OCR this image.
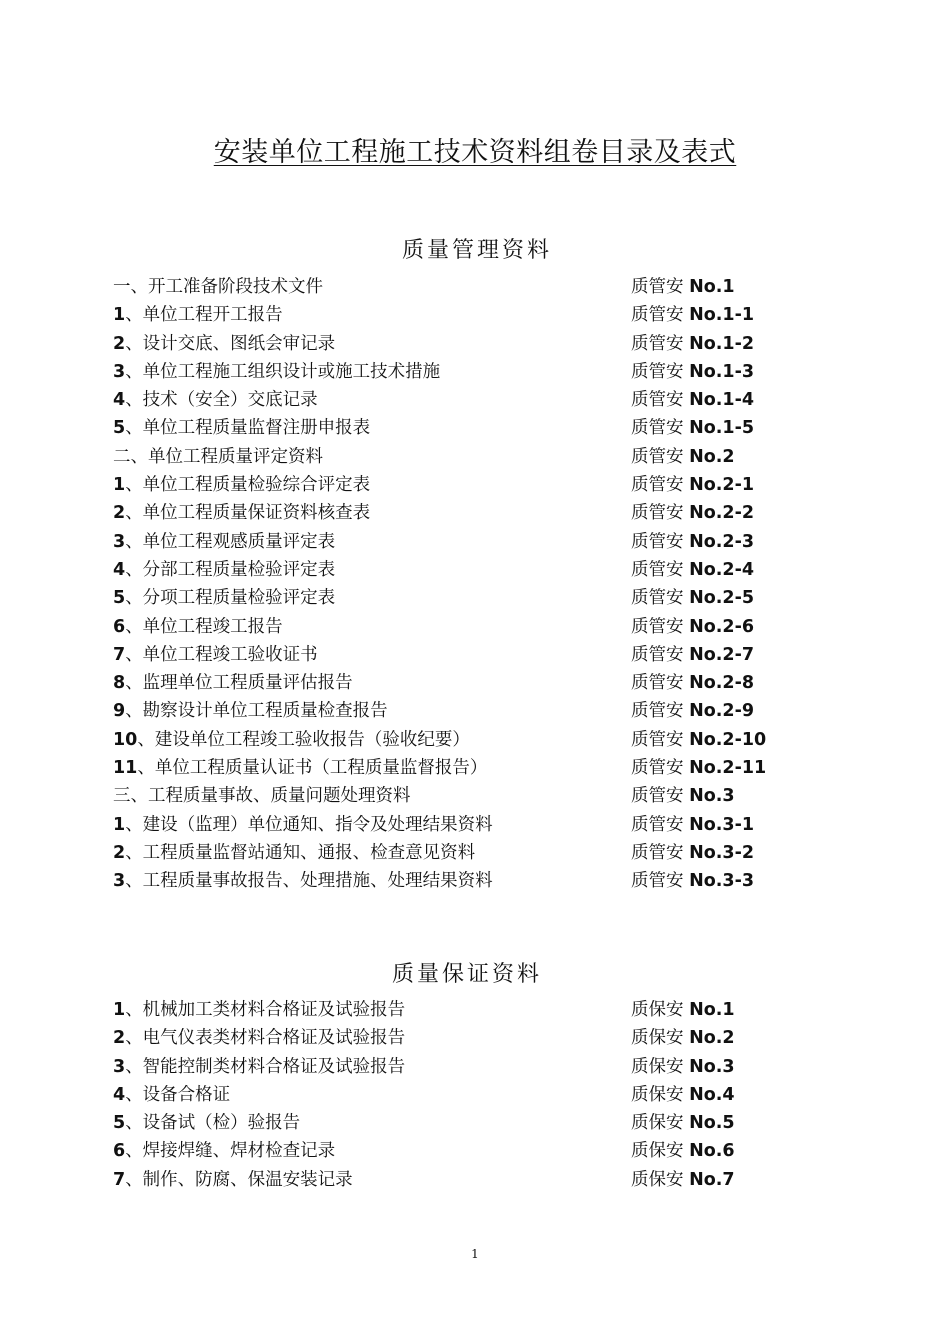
安装单位工程施工技术资料组卷目录及表式
质量管理资料
一、开工准备阶段技术文件	质管安 No.1
1、单位工程开工报告	质管安 No.1-1
2、设计交底、图纸会审记录	质管安 No.1-2
3、单位工程施工组织设计或施工技术措施	质管安 No.1-3
4、技术（安全）交底记录	质管安 No.1-4
5、单位工程质量监督注册申报表	质管安 No.1-5
二、单位工程质量评定资料	质管安 No.2
1、单位工程质量检验综合评定表	质管安 No.2-1
2、单位工程质量保证资料核查表	质管安 No.2-2
3、单位工程观感质量评定表	质管安 No.2-3
4、分部工程质量检验评定表	质管安 No.2-4
5、分项工程质量检验评定表	质管安 No.2-5
6、单位工程竣工报告	质管安 No.2-6
7、单位工程竣工验收证书	质管安 No.2-7
8、监理单位工程质量评估报告	质管安 No.2-8
9、勘察设计单位工程质量检查报告	质管安 No.2-9
10、建设单位工程竣工验收报告（验收纪要）	质管安 No.2-10
11、单位工程质量认证书（工程质量监督报告）	质管安 No.2-11
三、工程质量事故、质量问题处理资料	质管安 No.3
1、建设（监理）单位通知、指令及处理结果资料	质管安 No.3-1
2、工程质量监督站通知、通报、检查意见资料	质管安 No.3-2
3、工程质量事故报告、处理措施、处理结果资料	质管安 No.3-3
质量保证资料
1、机械加工类材料合格证及试验报告	质保安 No.1
2、电气仪表类材料合格证及试验报告	质保安 No.2
3、智能控制类材料合格证及试验报告	质保安 No.3
4、设备合格证	质保安 No.4
5、设备试（检）验报告	质保安 No.5
6、焊接焊缝、焊材检查记录	质保安 No.6
7、制作、防腐、保温安装记录	质保安 No.7
1
